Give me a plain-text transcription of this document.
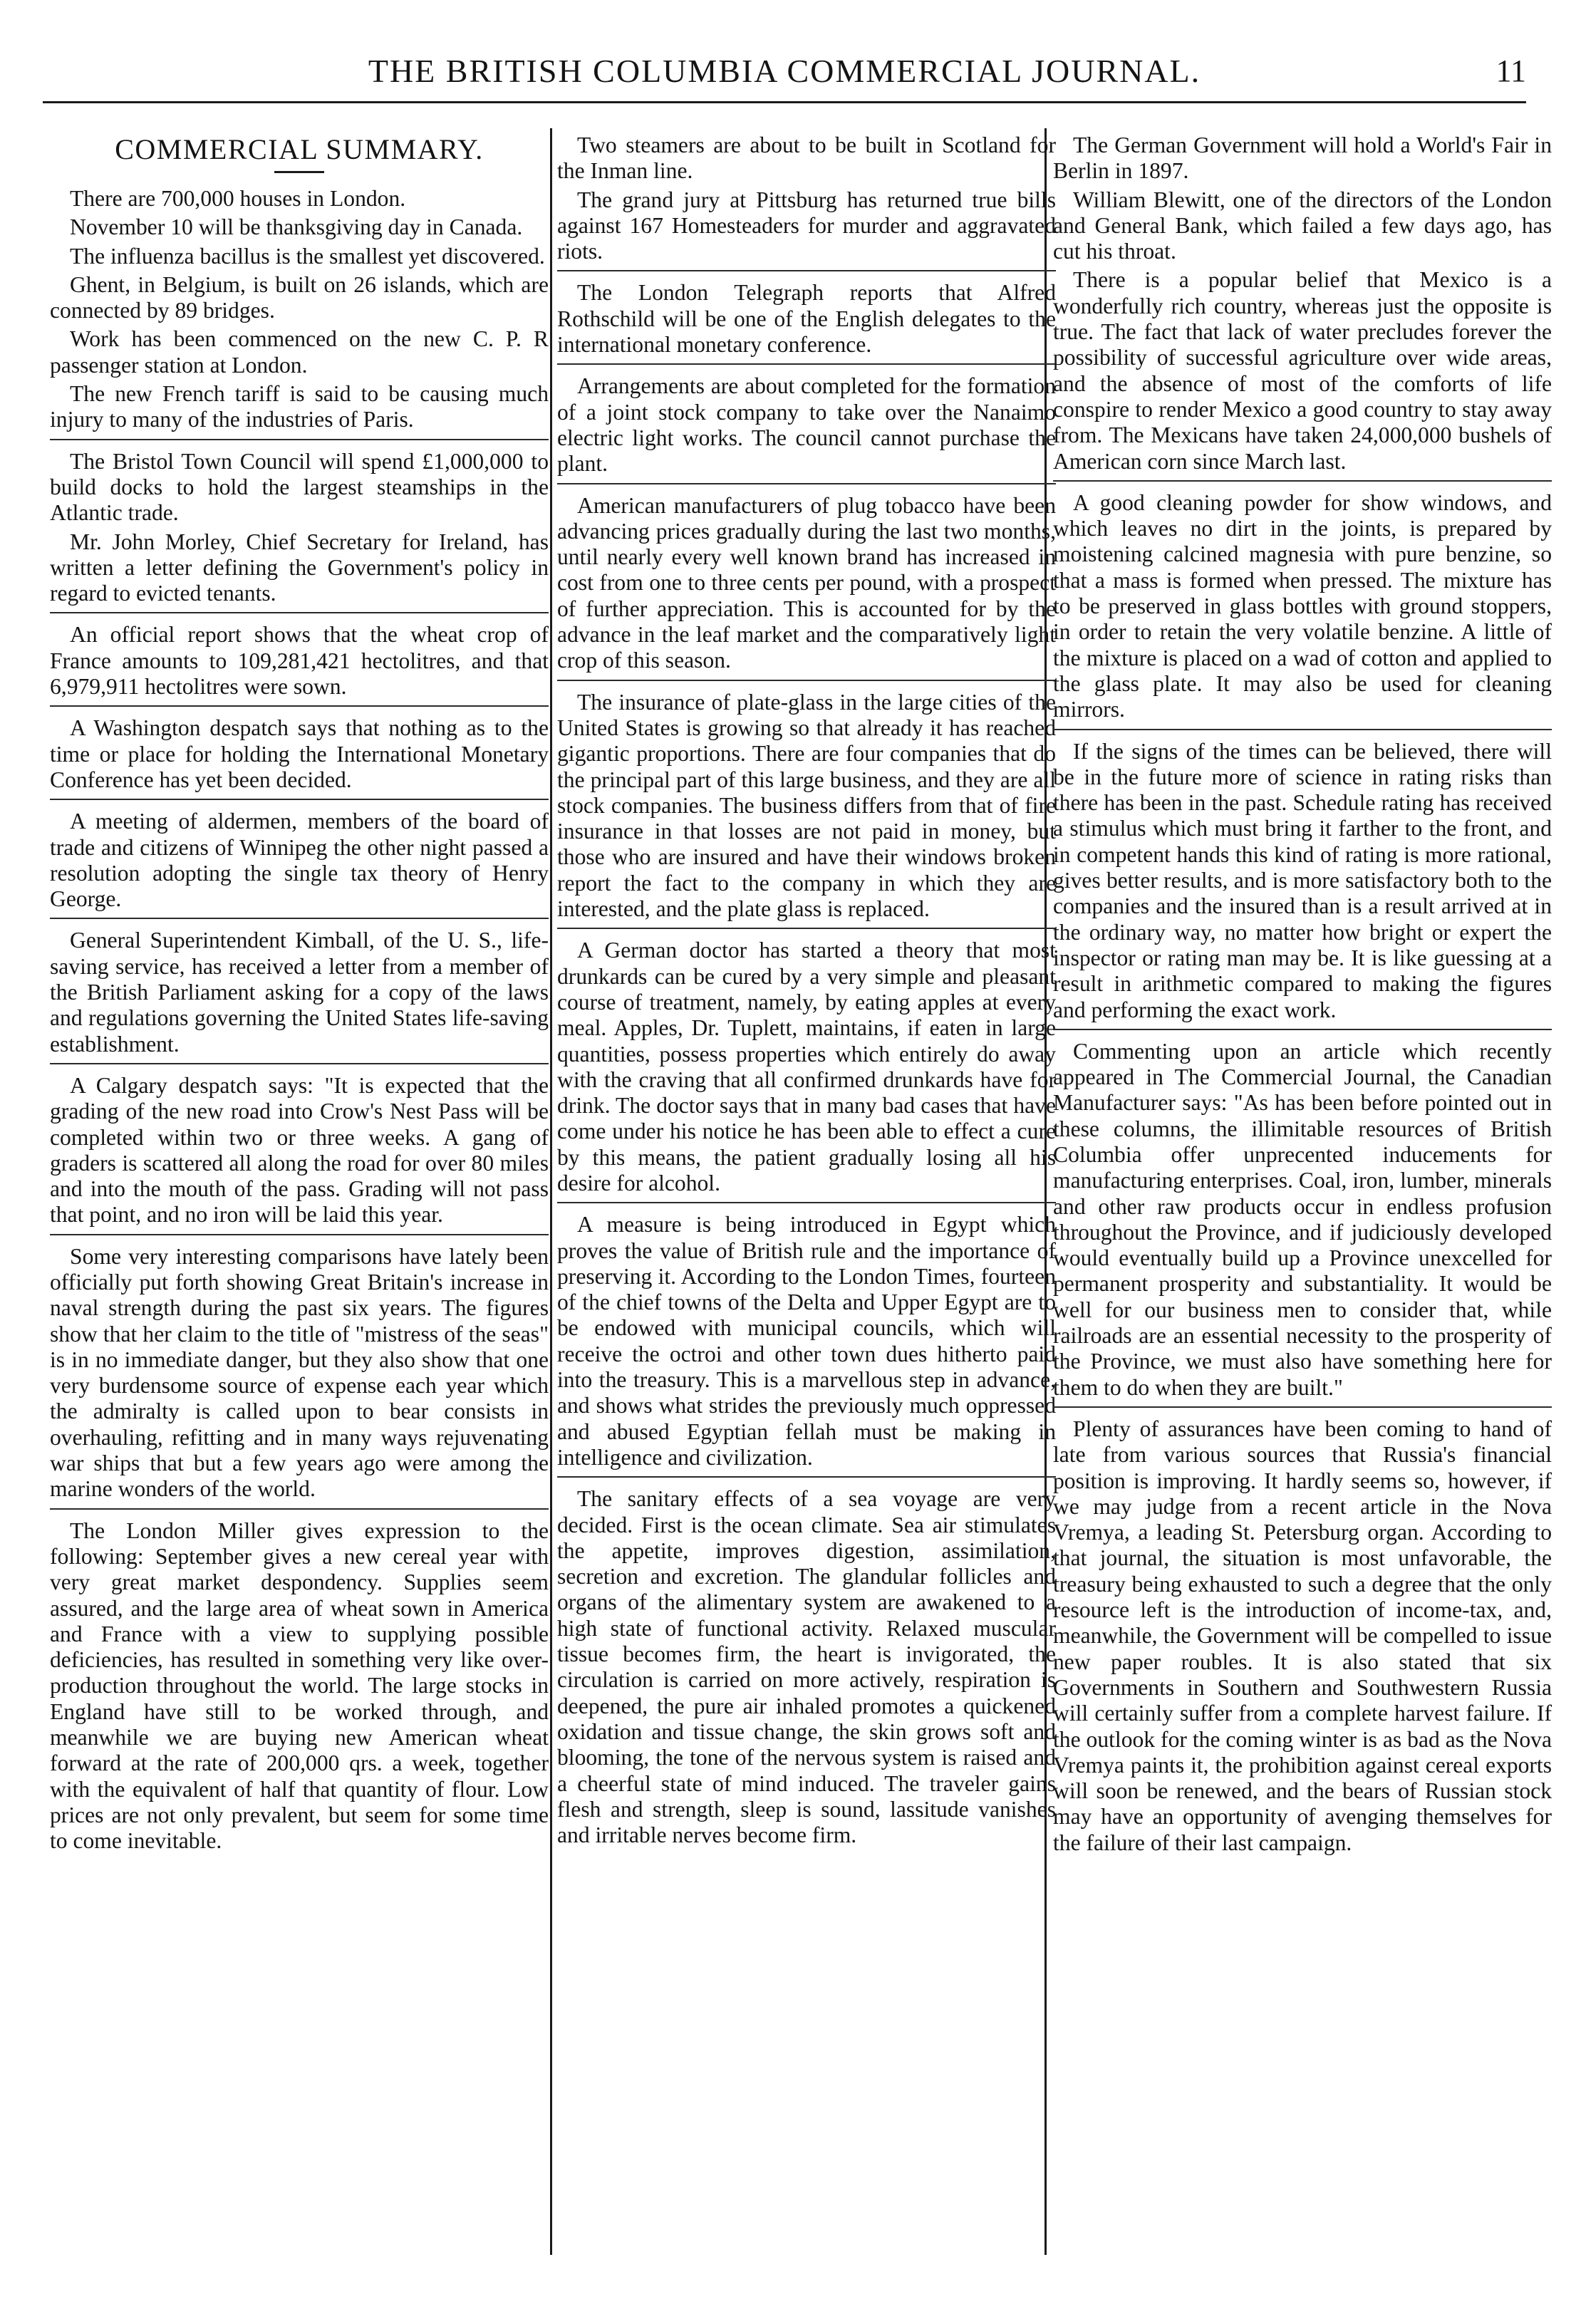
THE BRITISH COLUMBIA COMMERCIAL JOURNAL.	11
COMMERCIAL SUMMARY.

There are 700,000 houses in London.

November 10 will be thanksgiving day in Canada.

The influenza bacillus is the smallest yet discovered.

Ghent, in Belgium, is built on 26 islands, which are connected by 89 bridges.

Work has been commenced on the new C. P. R passenger station at London.

The new French tariff is said to be causing much injury to many of the industries of Paris.

The Bristol Town Council will spend £1,000,000 to build docks to hold the largest steamships in the Atlantic trade.

Mr. John Morley, Chief Secretary for Ireland, has written a letter defining the Government's policy in regard to evicted tenants.

An official report shows that the wheat crop of France amounts to 109,281,421 hectolitres, and that 6,979,911 hectolitres were sown.

A Washington despatch says that nothing as to the time or place for holding the International Monetary Conference has yet been decided.

A meeting of aldermen, members of the board of trade and citizens of Winnipeg the other night passed a resolution adopting the single tax theory of Henry George.

General Superintendent Kimball, of the U. S., life-saving service, has received a letter from a member of the British Parliament asking for a copy of the laws and regulations governing the United States life-saving establishment.

A Calgary despatch says: "It is expected that the grading of the new road into Crow's Nest Pass will be completed within two or three weeks. A gang of graders is scattered all along the road for over 80 miles and into the mouth of the pass. Grading will not pass that point, and no iron will be laid this year.

Some very interesting comparisons have lately been officially put forth showing Great Britain's increase in naval strength during the past six years. The figures show that her claim to the title of "mistress of the seas" is in no immediate danger, but they also show that one very burdensome source of expense each year which the admiralty is called upon to bear consists in overhauling, refitting and in many ways rejuvenating war ships that but a few years ago were among the marine wonders of the world.

The London Miller gives expression to the following: September gives a new cereal year with very great market despondency. Supplies seem assured, and the large area of wheat sown in America and France with a view to supplying possible deficiencies, has resulted in something very like over-production throughout the world. The large stocks in England have still to be worked through, and meanwhile we are buying new American wheat forward at the rate of 200,000 qrs. a week, together with the equivalent of half that quantity of flour. Low prices are not only prevalent, but seem for some time to come inevitable.

Two steamers are about to be built in Scotland for the Inman line.

The grand jury at Pittsburg has returned true bills against 167 Homesteaders for murder and aggravated riots.

The London Telegraph reports that Alfred Rothschild will be one of the English delegates to the international monetary conference.

Arrangements are about completed for the formation of a joint stock company to take over the Nanaimo electric light works. The council cannot purchase the plant.

American manufacturers of plug tobacco have been advancing prices gradually during the last two months, until nearly every well known brand has increased in cost from one to three cents per pound, with a prospect of further appreciation. This is accounted for by the advance in the leaf market and the comparatively light crop of this season.

The insurance of plate-glass in the large cities of the United States is growing so that already it has reached gigantic proportions. There are four companies that do the principal part of this large business, and they are all stock companies. The business differs from that of fire insurance in that losses are not paid in money, but those who are insured and have their windows broken report the fact to the company in which they are interested, and the plate glass is replaced.

A German doctor has started a theory that most drunkards can be cured by a very simple and pleasant course of treatment, namely, by eating apples at every meal. Apples, Dr. Tuplett, maintains, if eaten in large quantities, possess properties which entirely do away with the craving that all confirmed drunkards have for drink. The doctor says that in many bad cases that have come under his notice he has been able to effect a cure by this means, the patient gradually losing all his desire for alcohol.

A measure is being introduced in Egypt which proves the value of British rule and the importance of preserving it. According to the London Times, fourteen of the chief towns of the Delta and Upper Egypt are to be endowed with municipal councils, which will receive the octroi and other town dues hitherto paid into the treasury. This is a marvellous step in advance, and shows what strides the previously much oppressed and abused Egyptian fellah must be making in intelligence and civilization.

The sanitary effects of a sea voyage are very decided. First is the ocean climate. Sea air stimulates the appetite, improves digestion, assimilation, secretion and excretion. The glandular follicles and organs of the alimentary system are awakened to a high state of functional activity. Relaxed muscular tissue becomes firm, the heart is invigorated, the circulation is carried on more actively, respiration is deepened, the pure air inhaled promotes a quickened oxidation and tissue change, the skin grows soft and blooming, the tone of the nervous system is raised and a cheerful state of mind induced. The traveler gains flesh and strength, sleep is sound, lassitude vanishes and irritable nerves become firm.

The German Government will hold a World's Fair in Berlin in 1897.

William Blewitt, one of the directors of the London and General Bank, which failed a few days ago, has cut his throat.

There is a popular belief that Mexico is a wonderfully rich country, whereas just the opposite is true. The fact that lack of water precludes forever the possibility of successful agriculture over wide areas, and the absence of most of the comforts of life conspire to render Mexico a good country to stay away from. The Mexicans have taken 24,000,000 bushels of American corn since March last.

A good cleaning powder for show windows, and which leaves no dirt in the joints, is prepared by moistening calcined magnesia with pure benzine, so that a mass is formed when pressed. The mixture has to be preserved in glass bottles with ground stoppers, in order to retain the very volatile benzine. A little of the mixture is placed on a wad of cotton and applied to the glass plate. It may also be used for cleaning mirrors.

If the signs of the times can be believed, there will be in the future more of science in rating risks than there has been in the past. Schedule rating has received a stimulus which must bring it farther to the front, and in competent hands this kind of rating is more rational, gives better results, and is more satisfactory both to the companies and the insured than is a result arrived at in the ordinary way, no matter how bright or expert the inspector or rating man may be. It is like guessing at a result in arithmetic compared to making the figures and performing the exact work.

Commenting upon an article which recently appeared in The Commercial Journal, the Canadian Manufacturer says: "As has been before pointed out in these columns, the illimitable resources of British Columbia offer unprecented inducements for manufacturing enterprises. Coal, iron, lumber, minerals and other raw products occur in endless profusion throughout the Province, and if judiciously developed would eventually build up a Province unexcelled for permanent prosperity and substantiality. It would be well for our business men to consider that, while railroads are an essential necessity to the prosperity of the Province, we must also have something here for them to do when they are built."

Plenty of assurances have been coming to hand of late from various sources that Russia's financial position is improving. It hardly seems so, however, if we may judge from a recent article in the Nova Vremya, a leading St. Petersburg organ. According to that journal, the situation is most unfavorable, the treasury being exhausted to such a degree that the only resource left is the introduction of income-tax, and, meanwhile, the Government will be compelled to issue new paper roubles. It is also stated that six Governments in Southern and Southwestern Russia will certainly suffer from a complete harvest failure. If the outlook for the coming winter is as bad as the Nova Vremya paints it, the prohibition against cereal exports will soon be renewed, and the bears of Russian stock may have an opportunity of avenging themselves for the failure of their last campaign.
